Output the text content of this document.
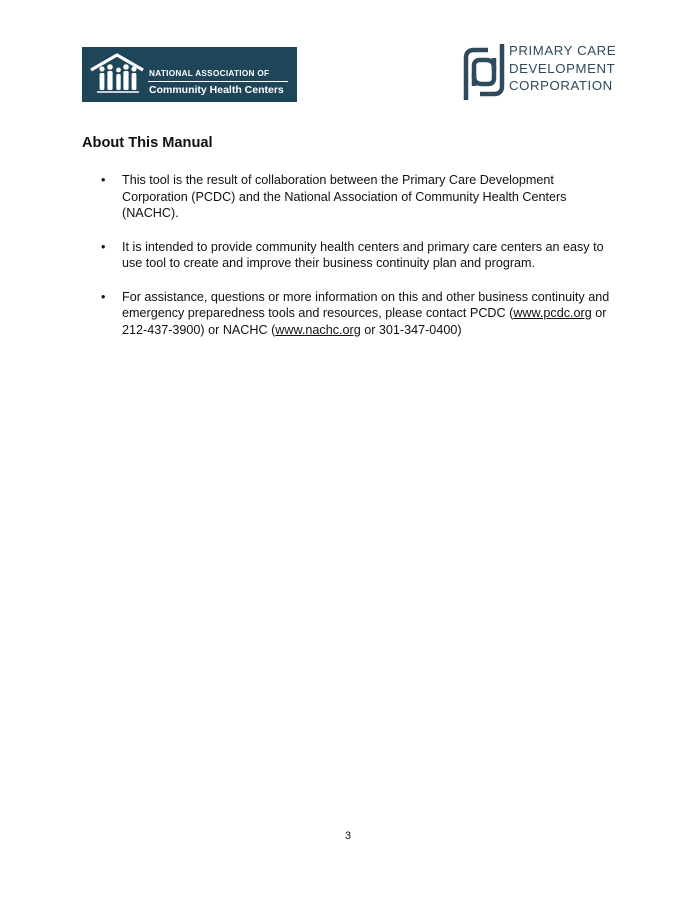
NATIONAL ASSOCIATION OF
Community Health Centers
PRIMARY CARE
DEVELOPMENT
CORPORATION
About This Manual
• This tool is the result of collaboration between the Primary Care Development Corporation (PCDC) and the National Association of Community Health Centers (NACHC).
• It is intended to provide community health centers and primary care centers an easy to use tool to create and improve their business continuity plan and program.
• For assistance, questions or more information on this and other business continuity and emergency preparedness tools and resources, please contact PCDC (www.pcdc.org or 212-437-3900) or NACHC (www.nachc.org or 301-347-0400)
3
